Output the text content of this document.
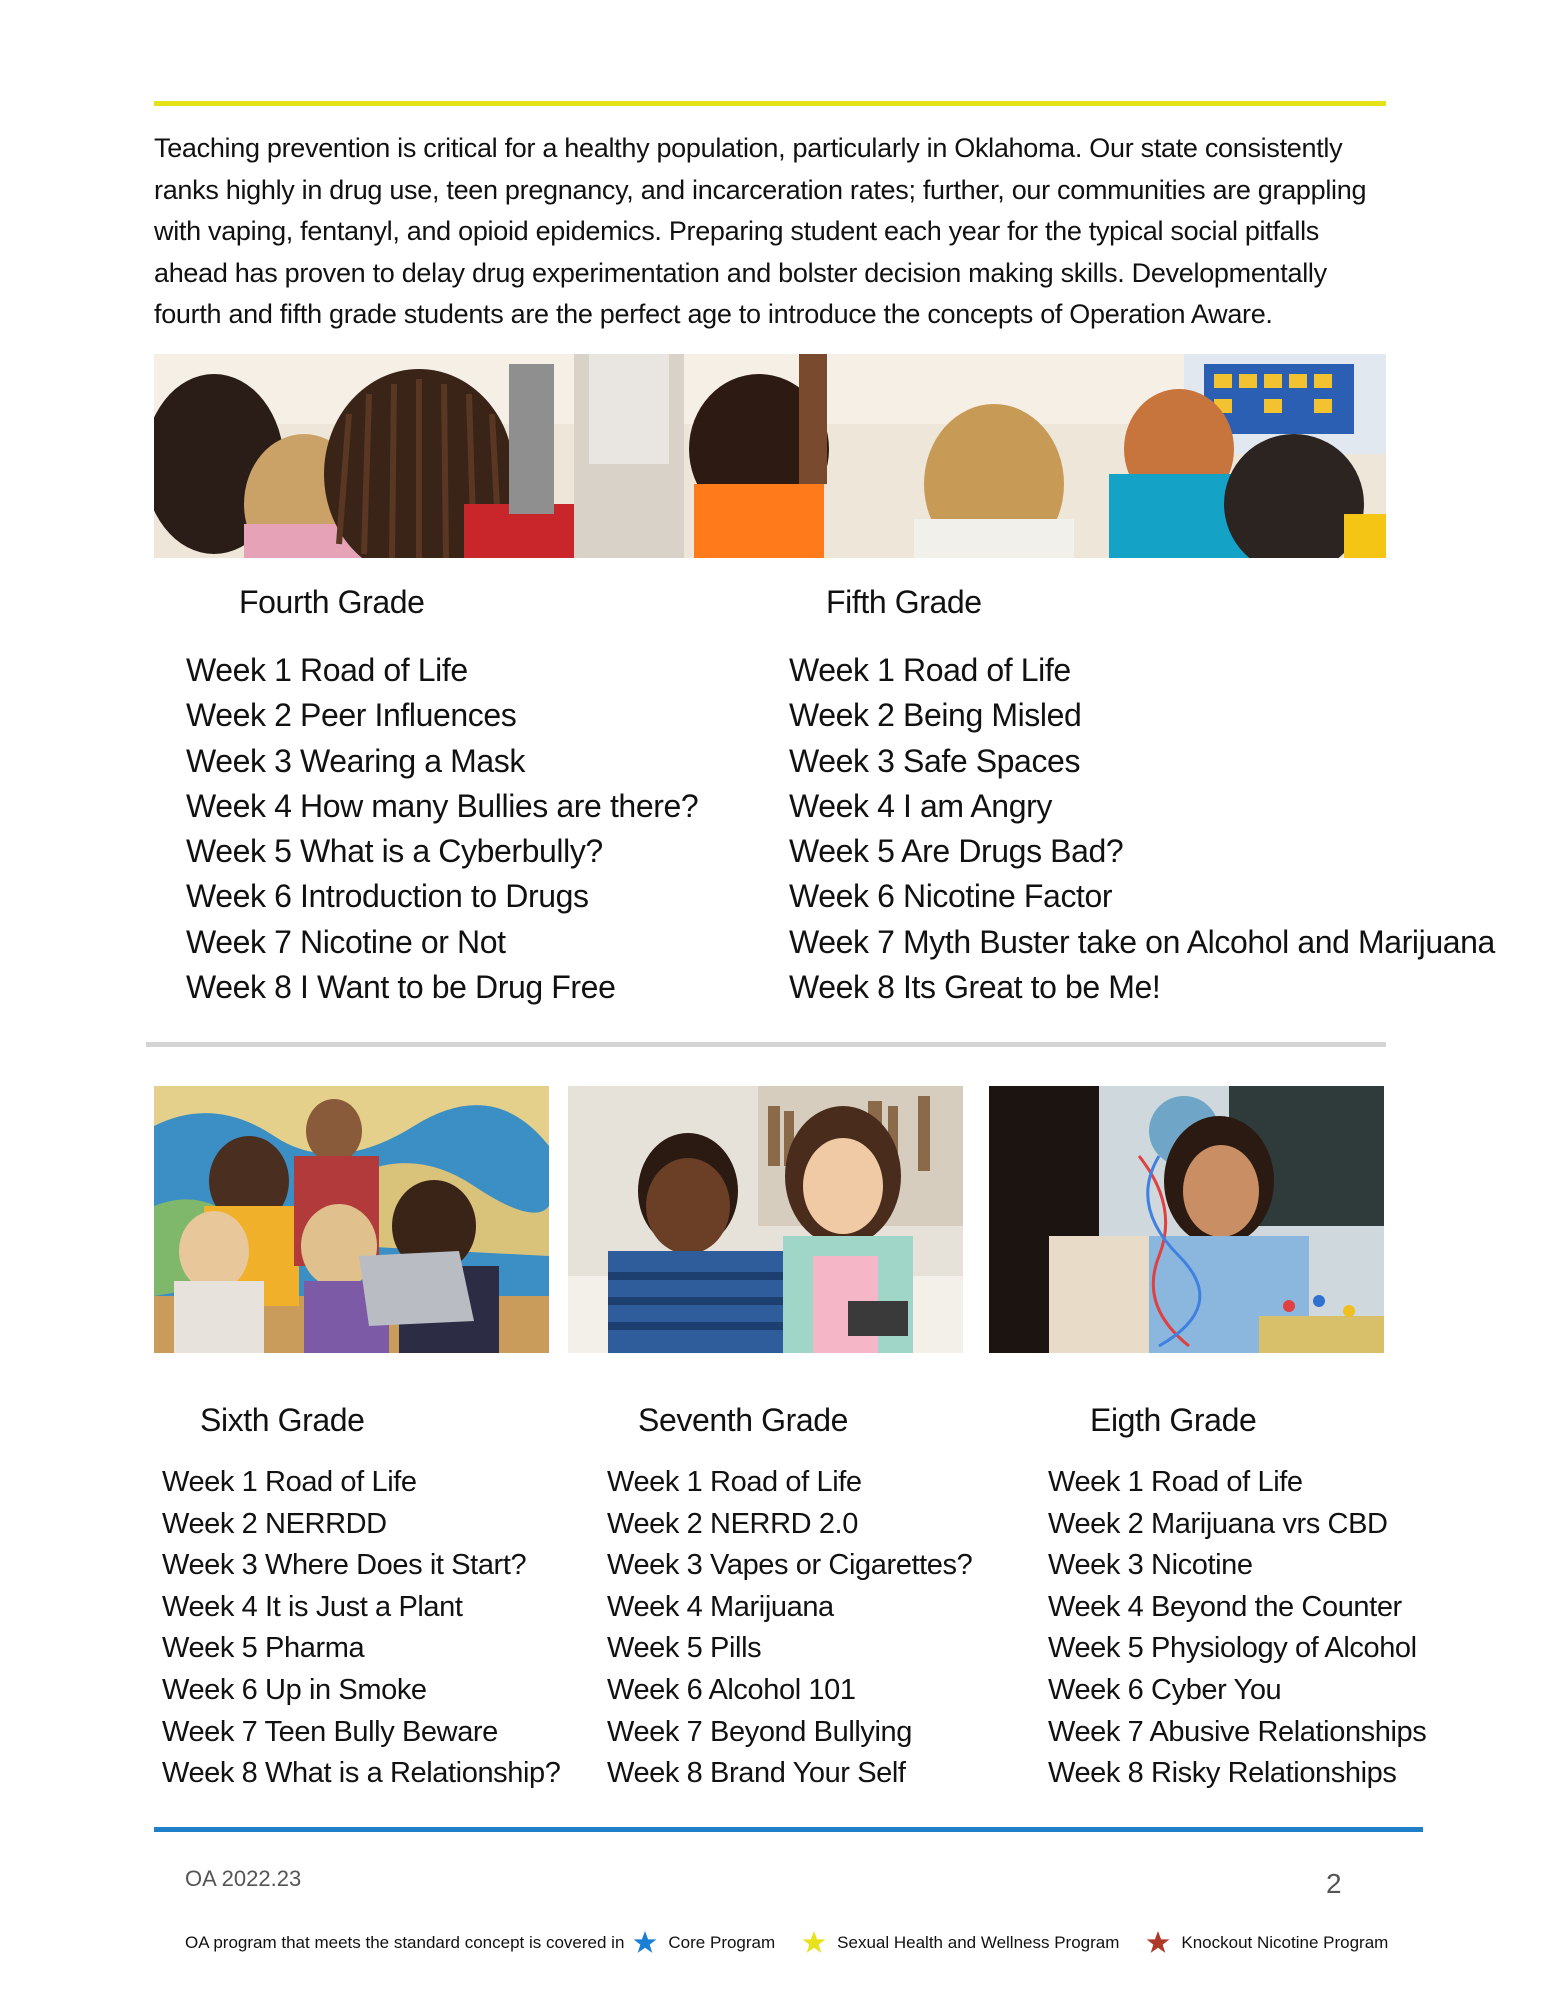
Teaching prevention is critical for a healthy population, particularly in Oklahoma. Our state consistently ranks highly in drug use, teen pregnancy, and incarceration rates; further, our communities are grappling with vaping, fentanyl, and opioid epidemics. Preparing student each year for the typical social pitfalls ahead has proven to delay drug experimentation and bolster decision making skills. Developmentally fourth and fifth grade students are the perfect age to introduce the concepts of Operation Aware.

Fourth Grade
Week 1 Road of Life
Week 2 Peer Influences
Week 3 Wearing a Mask
Week 4 How many Bullies are there?
Week 5 What is a Cyberbully?
Week 6 Introduction to Drugs
Week 7 Nicotine or Not
Week 8 I Want to be Drug Free
Fifth Grade
Week 1 Road of Life
Week 2 Being Misled
Week 3 Safe Spaces
Week 4 I am Angry
Week 5 Are Drugs Bad?
Week 6 Nicotine Factor
Week 7 Myth Buster take on Alcohol and Marijuana
Week 8 Its Great to be Me!
Sixth Grade
Week 1 Road of Life
Week 2 NERRDD
Week 3 Where Does it Start?
Week 4 It is Just a Plant
Week 5 Pharma
Week 6 Up in Smoke
Week 7 Teen Bully Beware
Week 8 What is a Relationship?
Seventh Grade
Week 1 Road of Life
Week 2 NERRD 2.0
Week 3 Vapes or Cigarettes?
Week 4 Marijuana
Week 5 Pills
Week 6 Alcohol 101
Week 7 Beyond Bullying
Week 8 Brand Your Self
Eigth Grade
Week 1 Road of Life
Week 2 Marijuana vrs CBD
Week 3 Nicotine
Week 4 Beyond the Counter
Week 5 Physiology of Alcohol
Week 6 Cyber You
Week 7 Abusive Relationships
Week 8 Risky Relationships
OA 2022.23	2
OA program that meets the standard concept is covered in	Core Program	Sexual Health and Wellness Program	Knockout Nicotine Program
